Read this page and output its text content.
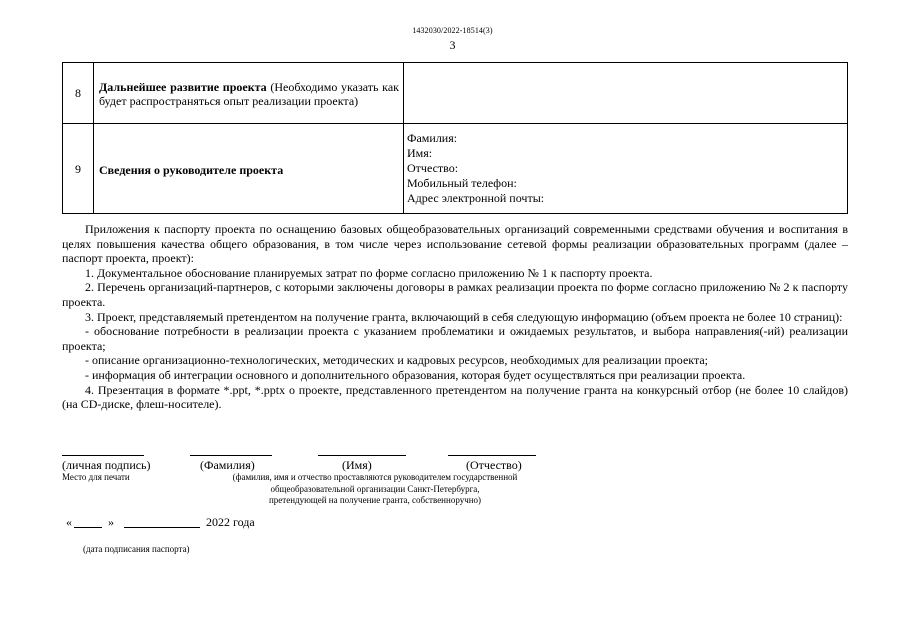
1432030/2022-18514(3)
3
8	Дальнейшее развитие проекта (Необходимо указать как будет распространяться опыт реализации проекта)	
9	Сведения о руководителе проекта	Фамилия:
Имя:
Отчество:
Мобильный телефон:
Адрес электронной почты:

Приложения к паспорту проекта по оснащению базовых общеобразовательных организаций современными средствами обучения и воспитания в целях повышения качества общего образования, в том числе через использование сетевой формы реализации образовательных программ (далее – паспорт проекта, проект):

1. Документальное обоснование планируемых затрат по форме согласно приложению № 1 к паспорту проекта.

2. Перечень организаций-партнеров, с которыми заключены договоры в рамках реализации проекта по форме согласно приложению № 2 к паспорту проекта.

3. Проект, представляемый претендентом на получение гранта, включающий в себя следующую информацию (объем проекта не более 10 страниц):

- обоснование потребности в реализации проекта с указанием проблематики и ожидаемых результатов, и выбора направления(-ий) реализации проекта;

- описание организационно-технологических, методических и кадровых ресурсов, необходимых для реализации проекта;

- информация об интеграции основного и дополнительного образования, которая будет осуществляться при реализации проекта.

4. Презентация в формате *.ppt, *.pptx о проекте, представленного претендентом на получение гранта на конкурсный отбор (не более 10 слайдов) (на CD-диске, флеш-носителе).

(личная подпись)	(Фамилия)	(Имя)	(Отчество)
Место для печати	(фамилия, имя и отчество проставляются руководителем государственной
общеобразовательной организации Санкт-Петербурга,
претендующей на получение гранта, собственноручно)
«	»	2022 года
(дата подписания паспорта)
